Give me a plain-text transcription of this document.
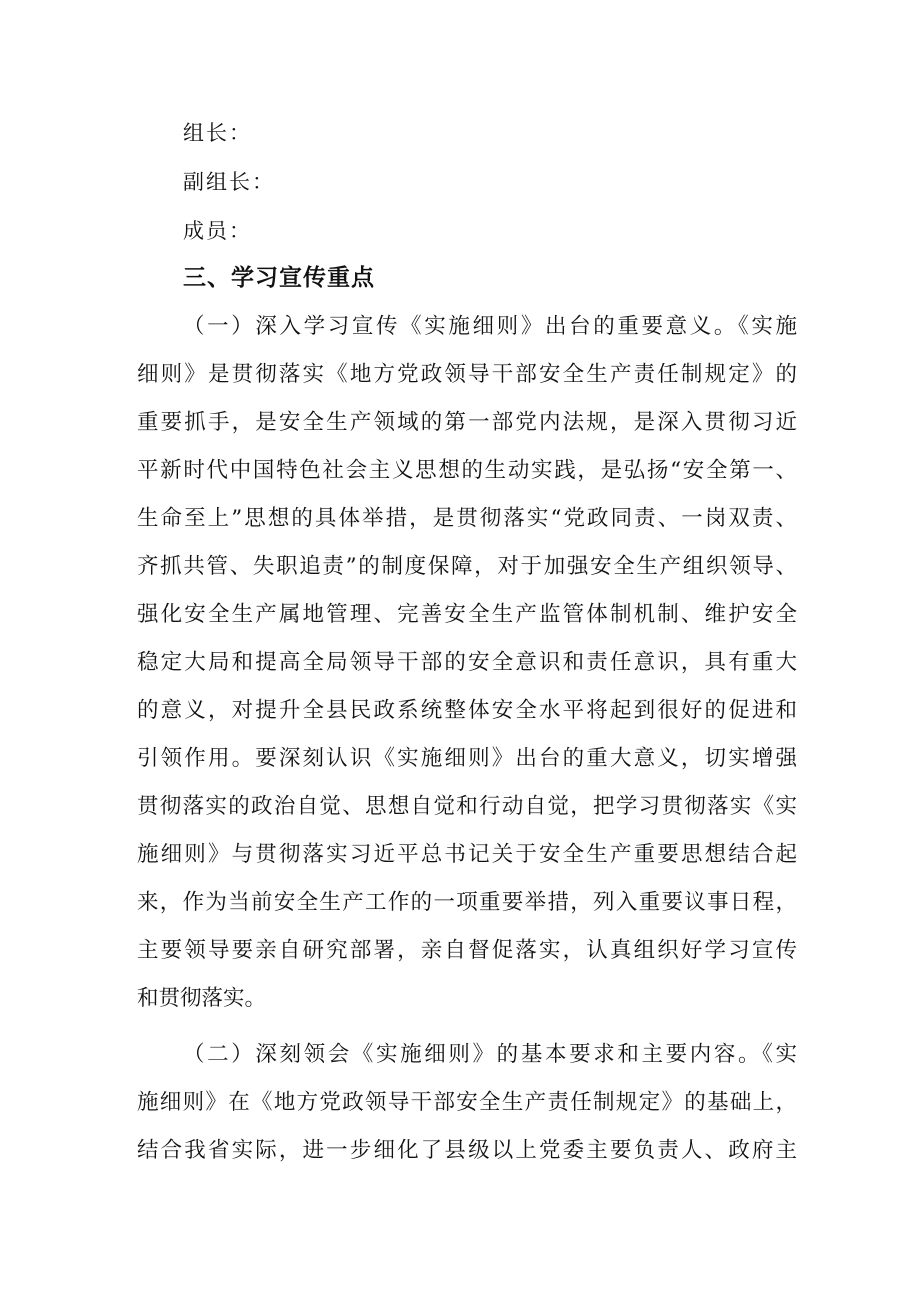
组长：
副组长：
成员：
三、学习宣传重点
（一）深入学习宣传《实施细则》出台的重要意义。《实施
细则》是贯彻落实《地方党政领导干部安全生产责任制规定》的
重要抓手，是安全生产领域的第一部党内法规，是深入贯彻习近
平新时代中国特色社会主义思想的生动实践，是弘扬“安全第一、
生命至上”思想的具体举措，是贯彻落实“党政同责、一岗双责、
齐抓共管、失职追责”的制度保障，对于加强安全生产组织领导、
强化安全生产属地管理、完善安全生产监管体制机制、维护安全
稳定大局和提高全局领导干部的安全意识和责任意识，具有重大
的意义，对提升全县民政系统整体安全水平将起到很好的促进和
引领作用。要深刻认识《实施细则》出台的重大意义，切实增强
贯彻落实的政治自觉、思想自觉和行动自觉，把学习贯彻落实《实
施细则》与贯彻落实习近平总书记关于安全生产重要思想结合起
来，作为当前安全生产工作的一项重要举措，列入重要议事日程，
主要领导要亲自研究部署，亲自督促落实，认真组织好学习宣传
和贯彻落实。
（二）深刻领会《实施细则》的基本要求和主要内容。《实
施细则》在《地方党政领导干部安全生产责任制规定》的基础上，
结合我省实际，进一步细化了县级以上党委主要负责人、政府主
